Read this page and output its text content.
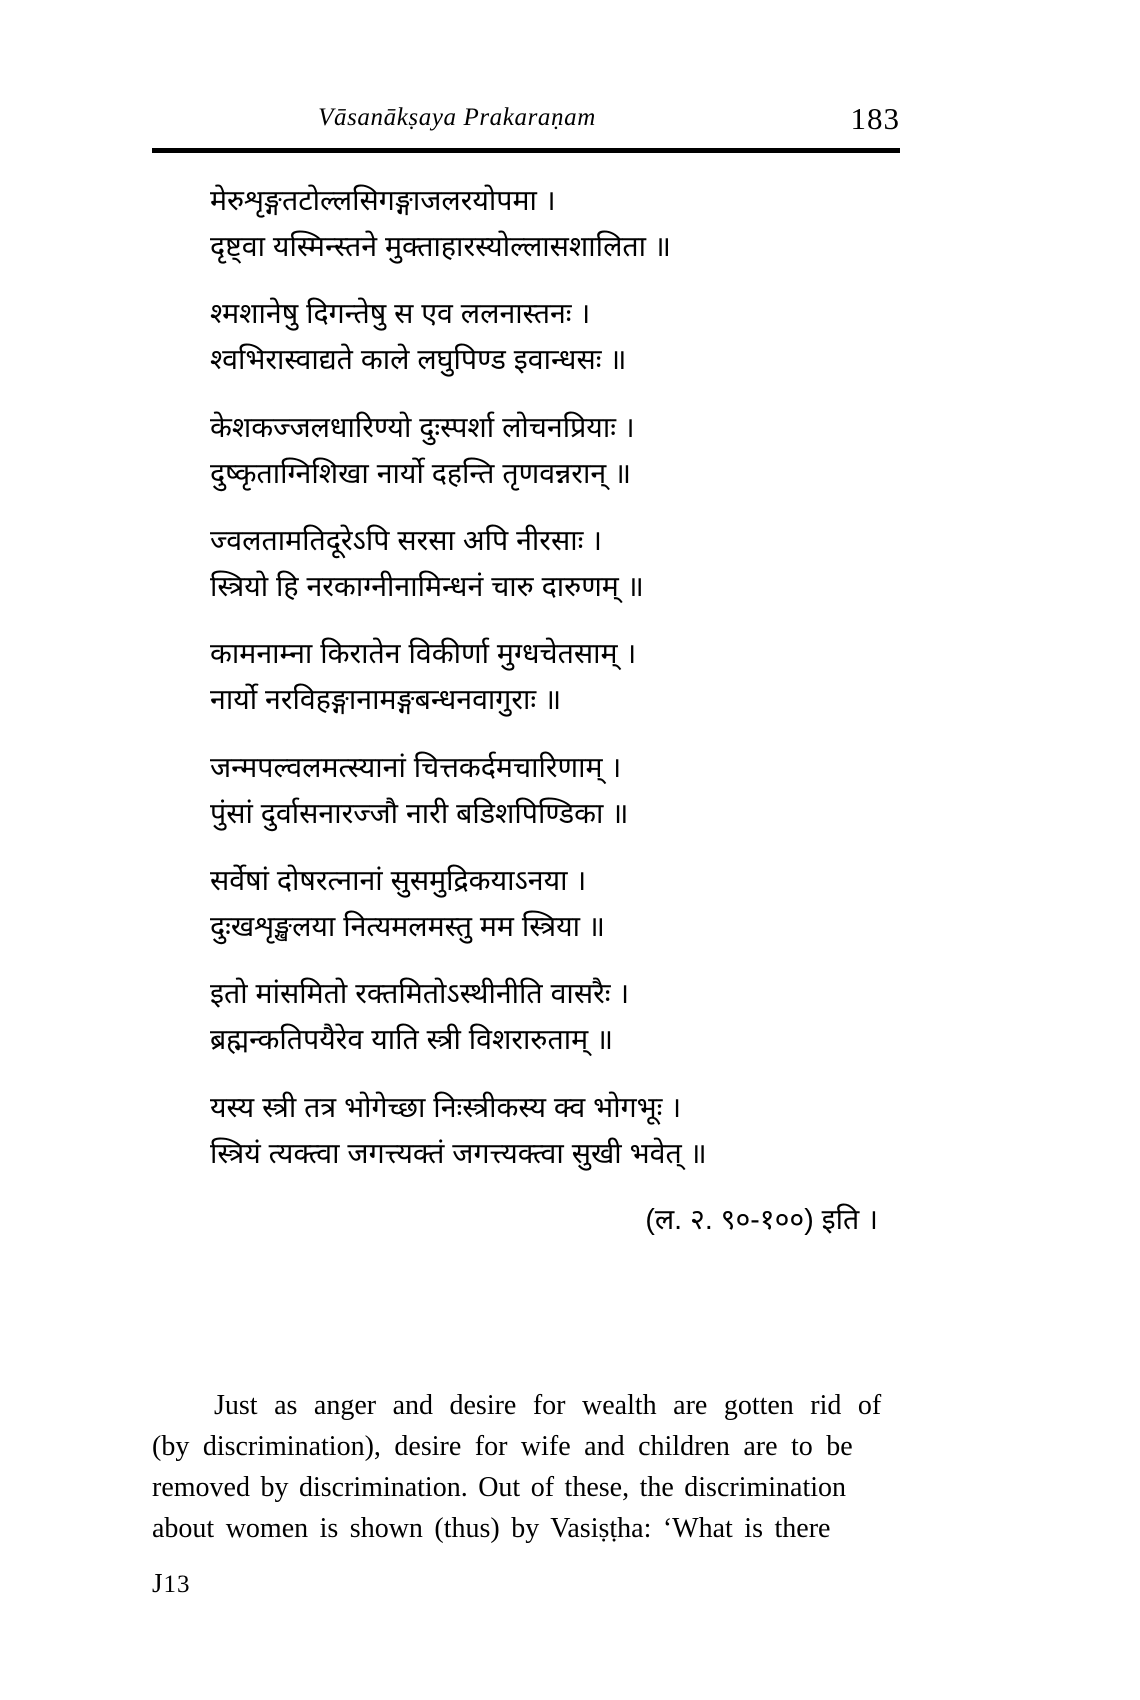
Vāsanākṣaya Prakaraṇam	183
मेरुशृङ्गतटोल्लसिगङ्गाजलरयोपमा ।
दृष्ट्वा यस्मिन्स्तने मुक्ताहारस्योल्लासशालिता ॥
श्मशानेषु दिगन्तेषु स एव ललनास्तनः ।
श्वभिरास्वाद्यते काले लघुपिण्ड इवान्धसः ॥
केशकज्जलधारिण्यो दुःस्पर्शा लोचनप्रियाः ।
दुष्कृताग्निशिखा नार्यो दहन्ति तृणवन्नरान् ॥
ज्वलतामतिदूरेऽपि सरसा अपि नीरसाः ।
स्त्रियो हि नरकाग्नीनामिन्धनं चारु दारुणम् ॥
कामनाम्ना किरातेन विकीर्णा मुग्धचेतसाम् ।
नार्यो नरविहङ्गानामङ्गबन्धनवागुराः ॥
जन्मपल्वलमत्स्यानां चित्तकर्दमचारिणाम् ।
पुंसां दुर्वासनारज्जौ नारी बडिशपिण्डिका ॥
सर्वेषां दोषरत्नानां सुसमुद्रिकयाऽनया ।
दुःखशृङ्खलया नित्यमलमस्तु मम स्त्रिया ॥
इतो मांसमितो रक्तमितोऽस्थीनीति वासरैः ।
ब्रह्मन्कतिपयैरेव याति स्त्री विशरारुताम् ॥
यस्य स्त्री तत्र भोगेच्छा निःस्त्रीकस्य क्व भोगभूः ।
स्त्रियं त्यक्त्वा जगत्त्यक्तं जगत्त्यक्त्वा सुखी भवेत् ॥
(ल. २. ९०-१००) इति ।
Just as anger and desire for wealth are gotten rid of
(by discrimination), desire for wife and children are to be
removed by discrimination. Out of these, the discrimination
about women is shown (thus) by Vasiṣṭha: ‘What is there
J13
